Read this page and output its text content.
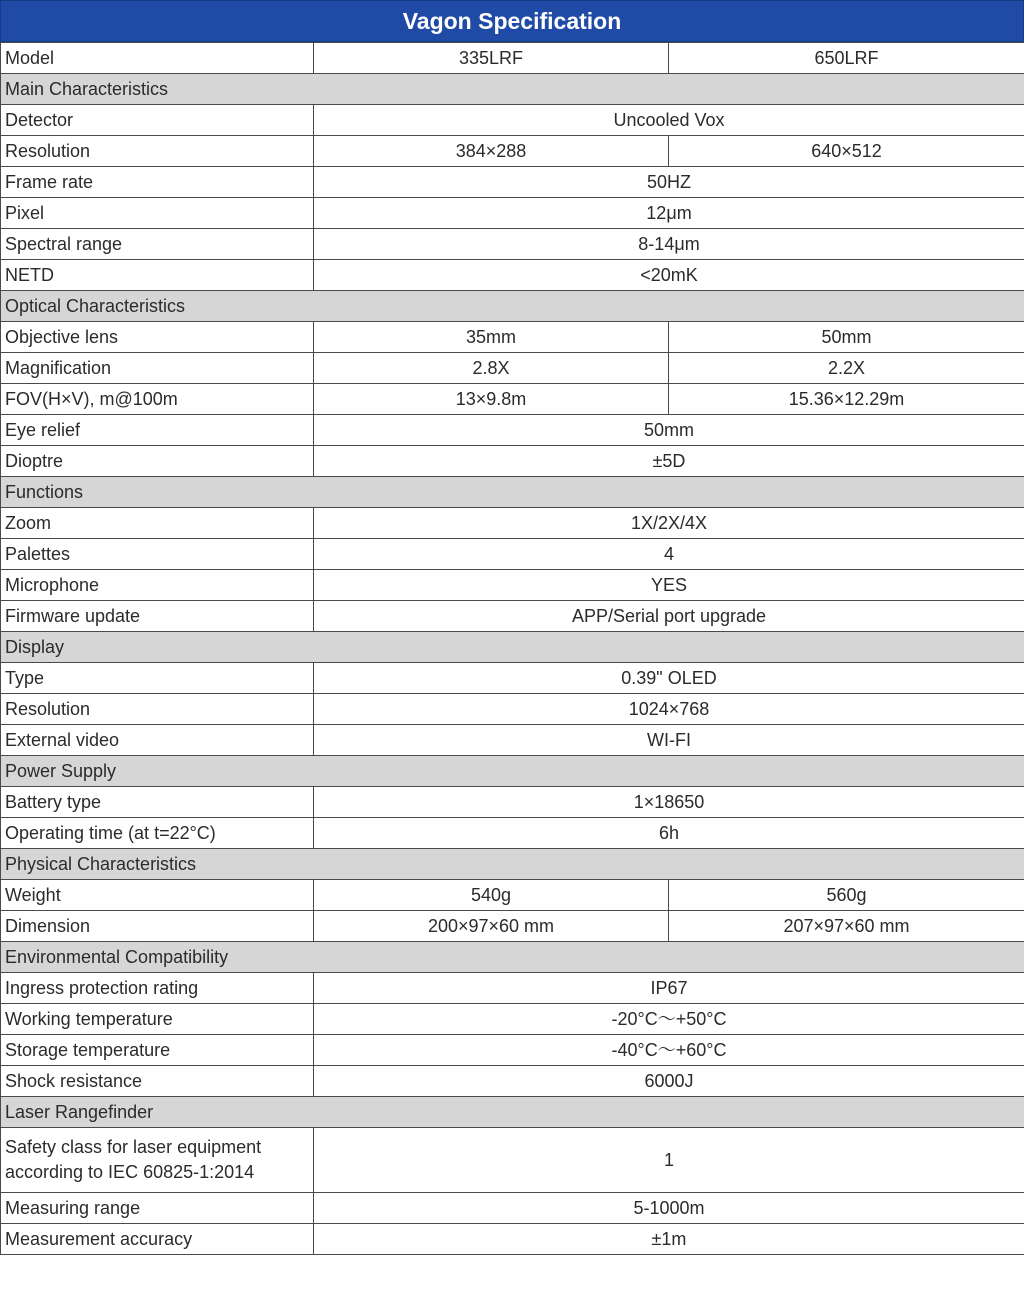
Vagon Specification
Model	335LRF	650LRF
Main Characteristics		
Detector	Uncooled Vox	
Resolution	384×288	640×512
Frame rate	50HZ	
Pixel	12μm	
Spectral range	8-14μm	
NETD	<20mK	
Optical Characteristics		
Objective lens	35mm	50mm
Magnification	2.8X	2.2X
FOV(H×V), m@100m	13×9.8m	15.36×12.29m
Eye relief	50mm	
Dioptre	±5D	
Functions		
Zoom	1X/2X/4X	
Palettes	4	
Microphone	YES	
Firmware update	APP/Serial port upgrade	
Display		
Type	0.39" OLED	
Resolution	1024×768	
External video	WI-FI	
Power Supply		
Battery type	1×18650	
Operating time (at t=22°C)	6h	
Physical Characteristics		
Weight	540g	560g
Dimension	200×97×60 mm	207×97×60 mm
Environmental Compatibility		
Ingress protection rating	IP67	
Working temperature	-20°C～+50°C	
Storage temperature	-40°C～+60°C	
Shock resistance	6000J	
Laser Rangefinder		
Safety class for laser equipment according to IEC 60825-1:2014	1	
Measuring range	5-1000m	
Measurement accuracy	±1m	
